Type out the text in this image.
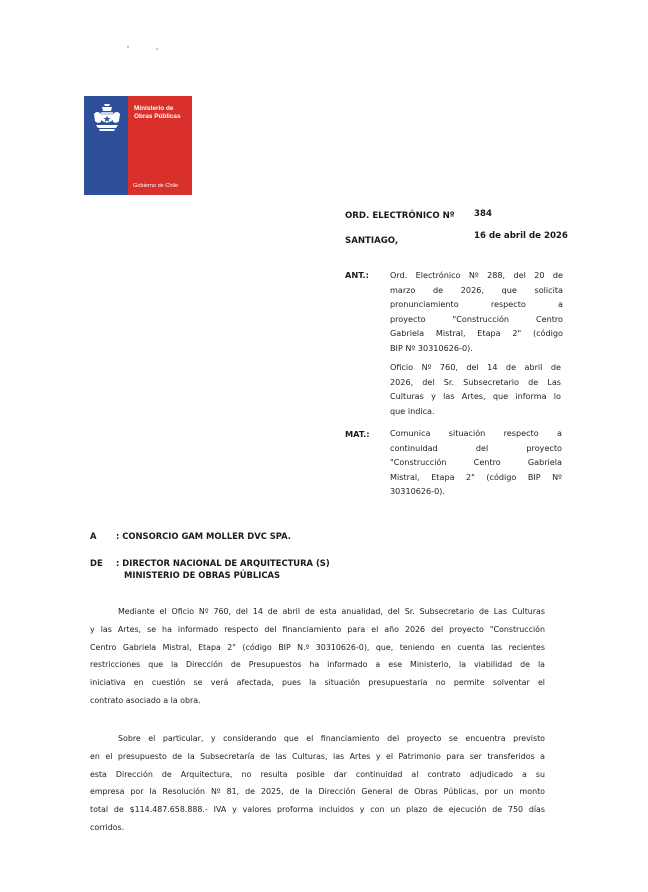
Ministerio de
Obras Públicas
Gobierno de Chile
ORD. ELECTRÓNICO Nº 384
SANTIAGO,	16 de abril de 2026
ANT.:	Ord. Electrónico Nº 288, del 20 de
marzo de 2026, que solicita
pronunciamiento respecto a
proyecto "Construcción Centro
Gabriela Mistral, Etapa 2" (código
BIP Nº 30310626-0).
Oficio Nº 760, del 14 de abril de
2026, del Sr. Subsecretario de Las
Culturas y las Artes, que informa lo
que indica.
MAT.:	Comunica situación respecto a
continuidad del proyecto
"Construcción Centro Gabriela
Mistral, Etapa 2" (código BIP Nº
30310626-0).
A : CONSORCIO GAM MOLLER DVC SPA.
DE : DIRECTOR NACIONAL DE ARQUITECTURA (S)
MINISTERIO DE OBRAS PÚBLICAS
Mediante el Oficio Nº 760, del 14 de abril de esta anualidad, del Sr. Subsecretario de Las Culturas
y las Artes, se ha informado respecto del financiamiento para el año 2026 del proyecto "Construcción
Centro Gabriela Mistral, Etapa 2" (código BIP N.º 30310626-0), que, teniendo en cuenta las recientes
restricciones que la Dirección de Presupuestos ha informado a ese Ministerio, la viabilidad de la
iniciativa en cuestión se verá afectada, pues la situación presupuestaria no permite solventar el
contrato asociado a la obra.
Sobre el particular, y considerando que el financiamiento del proyecto se encuentra previsto
en el presupuesto de la Subsecretaría de las Culturas, las Artes y el Patrimonio para ser transferidos a
esta Dirección de Arquitectura, no resulta posible dar continuidad al contrato adjudicado a su
empresa por la Resolución Nº 81, de 2025, de la Dirección General de Obras Públicas, por un monto
total de $114.487.658.888.- IVA y valores proforma incluidos y con un plazo de ejecución de 750 días
corridos.
